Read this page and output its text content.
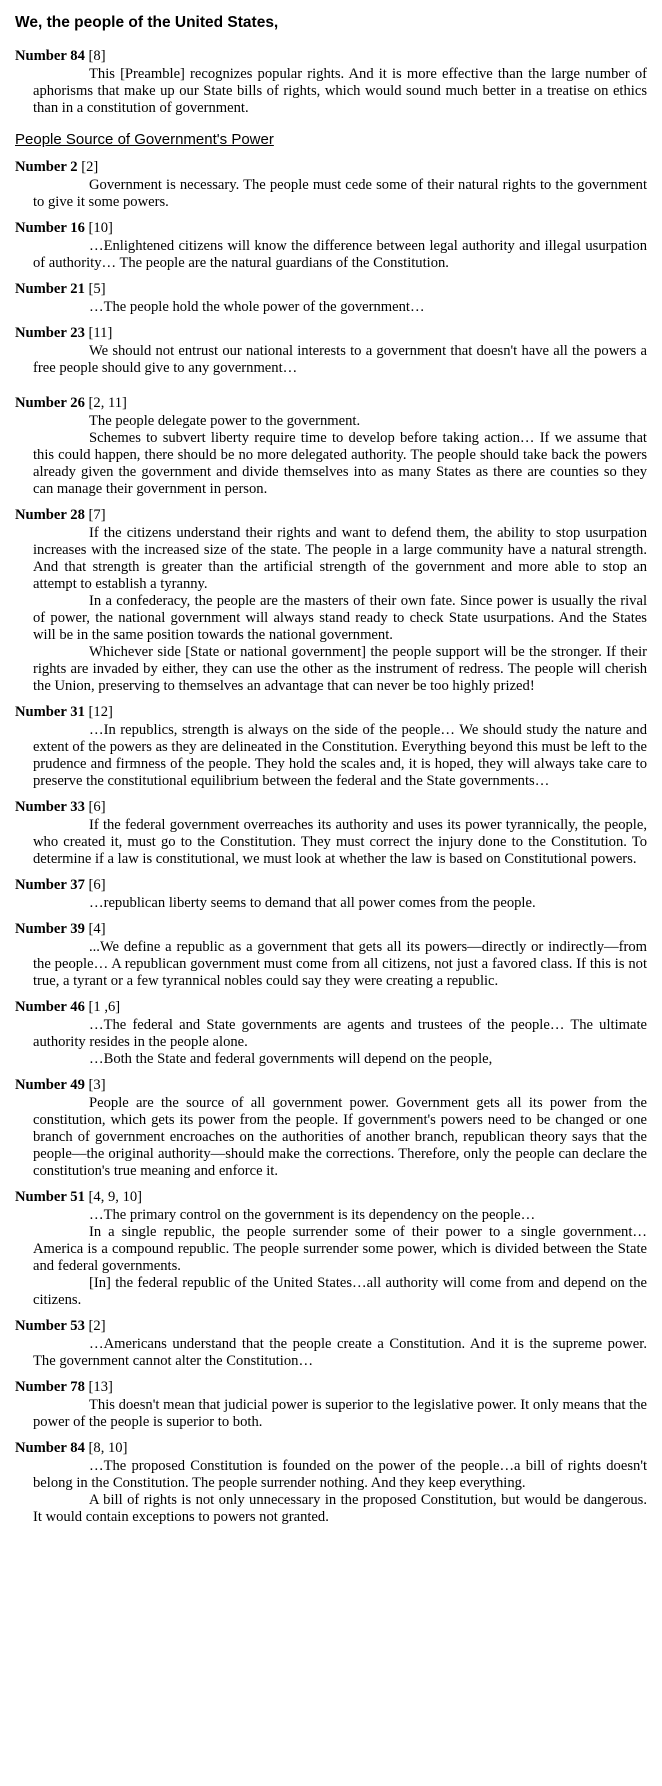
We, the people of the United States,
Number 84 [8]

This [Preamble] recognizes popular rights. And it is more effective than the large number of aphorisms that make up our State bills of rights, which would sound much better in a treatise on ethics than in a constitution of government.

People Source of Government's Power
Number 2 [2]

Government is necessary. The people must cede some of their natural rights to the government to give it some powers.

Number 16 [10]

…Enlightened citizens will know the difference between legal authority and illegal usurpation of authority… The people are the natural guardians of the Constitution.

Number 21 [5]

…The people hold the whole power of the government…

Number 23 [11]

We should not entrust our national interests to a government that doesn't have all the powers a free people should give to any government…

Number 26 [2, 11]

The people delegate power to the government.

Schemes to subvert liberty require time to develop before taking action… If we assume that this could happen, there should be no more delegated authority. The people should take back the powers already given the government and divide themselves into as many States as there are counties so they can manage their government in person.

Number 28 [7]

If the citizens understand their rights and want to defend them, the ability to stop usurpation increases with the increased size of the state. The people in a large community have a natural strength. And that strength is greater than the artificial strength of the government and more able to stop an attempt to establish a tyranny.

In a confederacy, the people are the masters of their own fate. Since power is usually the rival of power, the national government will always stand ready to check State usurpations. And the States will be in the same position towards the national government.

Whichever side [State or national government] the people support will be the stronger. If their rights are invaded by either, they can use the other as the instrument of redress. The people will cherish the Union, preserving to themselves an advantage that can never be too highly prized!

Number 31 [12]

…In republics, strength is always on the side of the people… We should study the nature and extent of the powers as they are delineated in the Constitution. Everything beyond this must be left to the prudence and firmness of the people. They hold the scales and, it is hoped, they will always take care to preserve the constitutional equilibrium between the federal and the State governments…

Number 33 [6]

If the federal government overreaches its authority and uses its power tyrannically, the people, who created it, must go to the Constitution. They must correct the injury done to the Constitution. To determine if a law is constitutional, we must look at whether the law is based on Constitutional powers.

Number 37 [6]

…republican liberty seems to demand that all power comes from the people.

Number 39 [4]

...We define a republic as a government that gets all its powers—directly or indirectly—from the people… A republican government must come from all citizens, not just a favored class. If this is not true, a tyrant or a few tyrannical nobles could say they were creating a republic.

Number 46 [1 ,6]

…The federal and State governments are agents and trustees of the people… The ultimate authority resides in the people alone.

…Both the State and federal governments will depend on the people,

Number 49 [3]

People are the source of all government power. Government gets all its power from the constitution, which gets its power from the people. If government's powers need to be changed or one branch of government encroaches on the authorities of another branch, republican theory says that the people—the original authority—should make the corrections. Therefore, only the people can declare the constitution's true meaning and enforce it.

Number 51 [4, 9, 10]

…The primary control on the government is its dependency on the people…

In a single republic, the people surrender some of their power to a single government… America is a compound republic. The people surrender some power, which is divided between the State and federal governments.

[In] the federal republic of the United States…all authority will come from and depend on the citizens.

Number 53 [2]

…Americans understand that the people create a Constitution. And it is the supreme power. The government cannot alter the Constitution…

Number 78 [13]

This doesn't mean that judicial power is superior to the legislative power. It only means that the power of the people is superior to both.

Number 84 [8, 10]

…The proposed Constitution is founded on the power of the people…a bill of rights doesn't belong in the Constitution. The people surrender nothing. And they keep everything.

A bill of rights is not only unnecessary in the proposed Constitution, but would be dangerous. It would contain exceptions to powers not granted.
